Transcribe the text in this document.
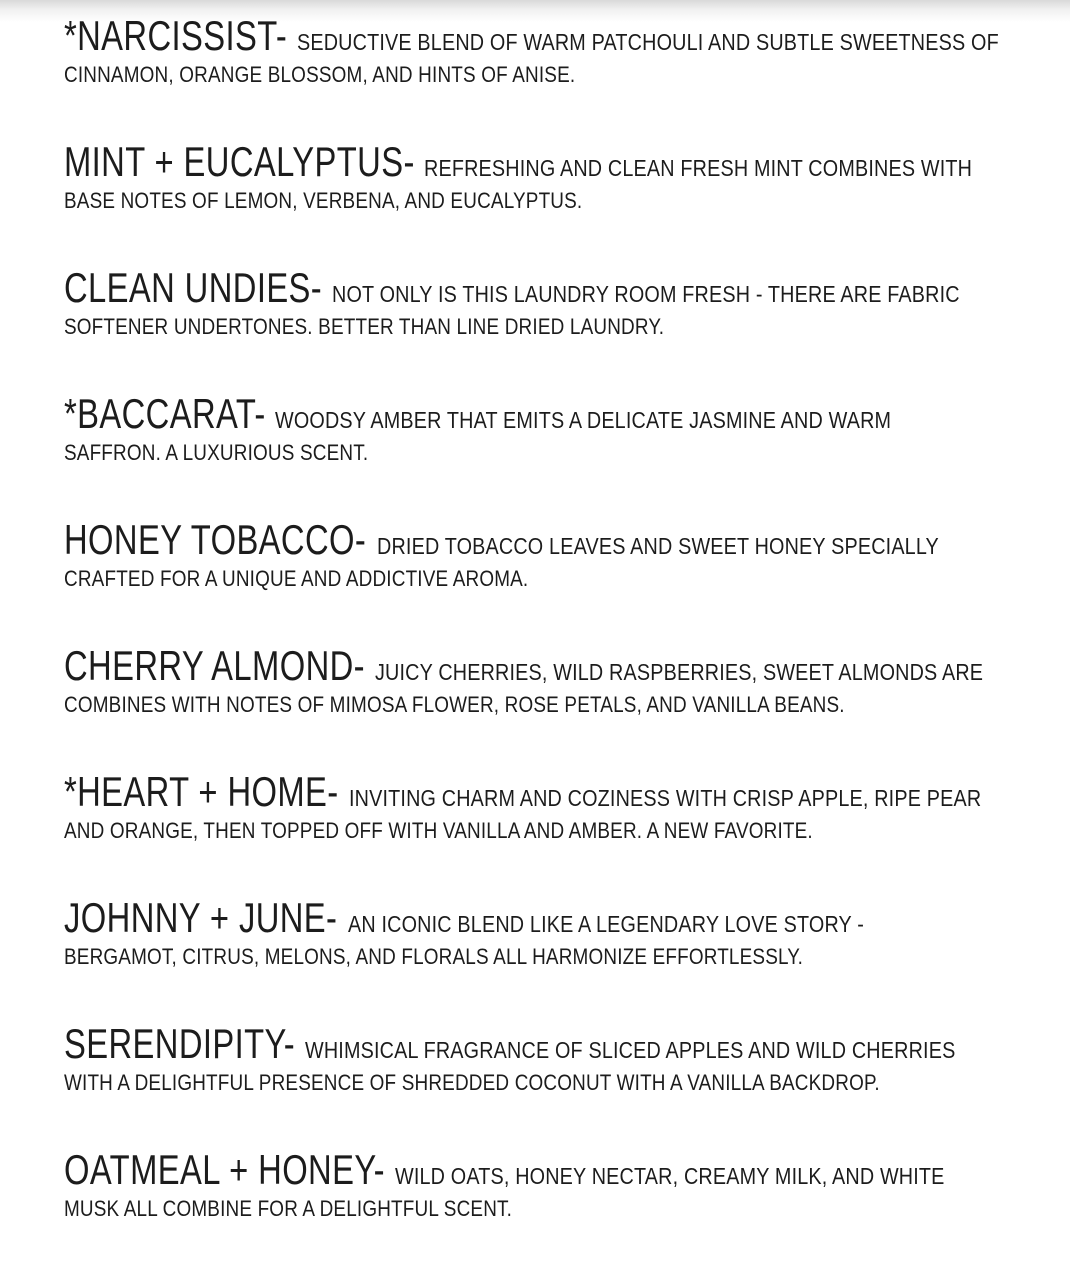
*NARCISSIST- SEDUCTIVE BLEND OF WARM PATCHOULI AND SUBTLE SWEETNESS OF
CINNAMON, ORANGE BLOSSOM, AND HINTS OF ANISE.
MINT + EUCALYPTUS- REFRESHING AND CLEAN FRESH MINT COMBINES WITH
BASE NOTES OF LEMON, VERBENA, AND EUCALYPTUS.
CLEAN UNDIES- NOT ONLY IS THIS LAUNDRY ROOM FRESH - THERE ARE FABRIC
SOFTENER UNDERTONES. BETTER THAN LINE DRIED LAUNDRY.
*BACCARAT- WOODSY AMBER THAT EMITS A DELICATE JASMINE AND WARM
SAFFRON. A LUXURIOUS SCENT.
HONEY TOBACCO- DRIED TOBACCO LEAVES AND SWEET HONEY SPECIALLY
CRAFTED FOR A UNIQUE AND ADDICTIVE AROMA.
CHERRY ALMOND- JUICY CHERRIES, WILD RASPBERRIES, SWEET ALMONDS ARE
COMBINES WITH NOTES OF MIMOSA FLOWER, ROSE PETALS, AND VANILLA BEANS.
*HEART + HOME- INVITING CHARM AND COZINESS WITH CRISP APPLE, RIPE PEAR
AND ORANGE, THEN TOPPED OFF WITH VANILLA AND AMBER. A NEW FAVORITE.
JOHNNY + JUNE- AN ICONIC BLEND LIKE A LEGENDARY LOVE STORY -
BERGAMOT, CITRUS, MELONS, AND FLORALS ALL HARMONIZE EFFORTLESSLY.
SERENDIPITY- WHIMSICAL FRAGRANCE OF SLICED APPLES AND WILD CHERRIES
WITH A DELIGHTFUL PRESENCE OF SHREDDED COCONUT WITH A VANILLA BACKDROP.
OATMEAL + HONEY- WILD OATS, HONEY NECTAR, CREAMY MILK, AND WHITE
MUSK ALL COMBINE FOR A DELIGHTFUL SCENT.
